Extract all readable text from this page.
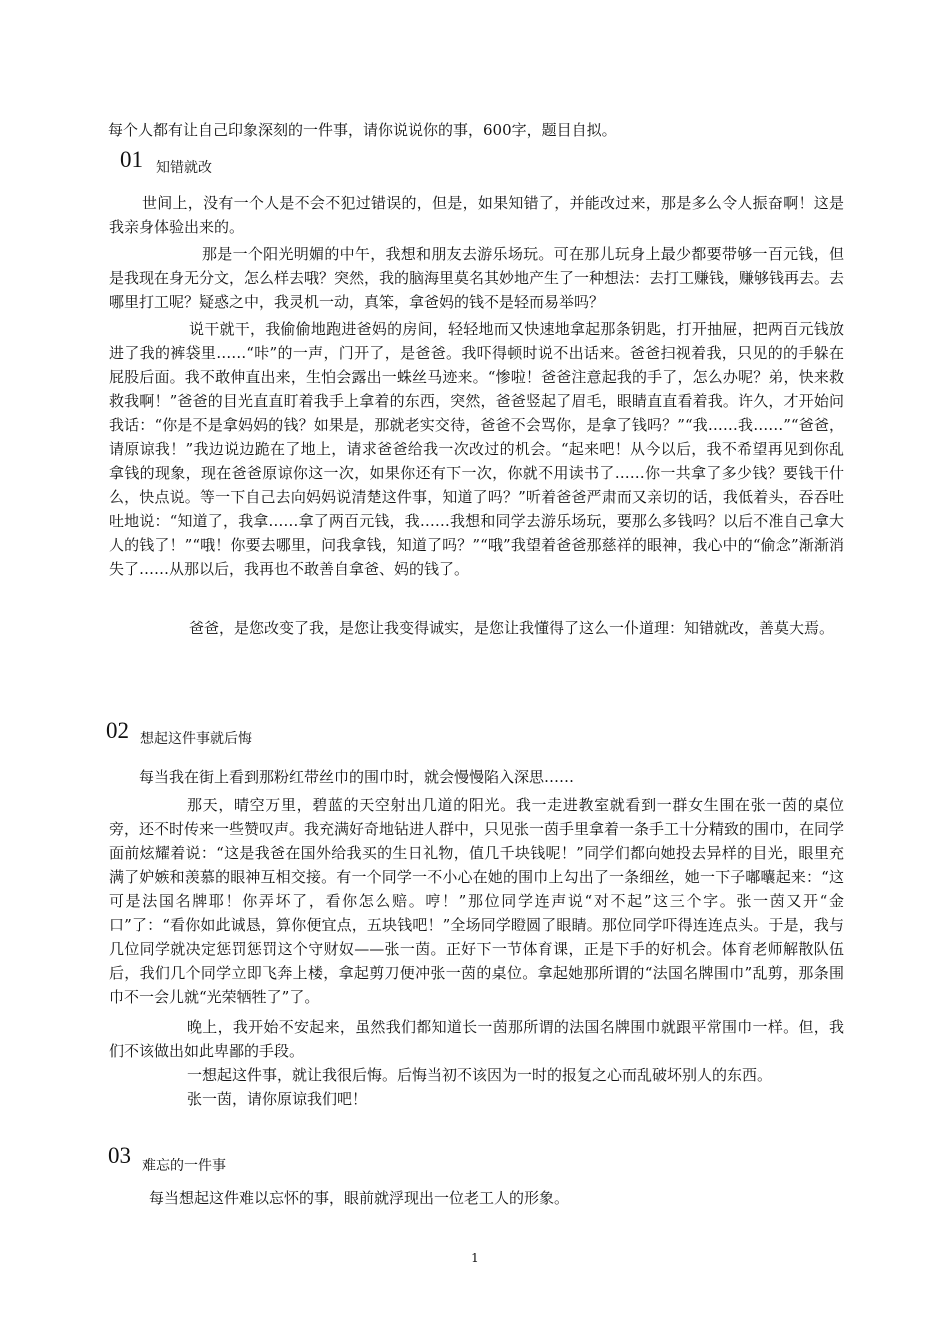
每个人都有让自己印象深刻的一件事，请你说说你的事，600字，题目自拟。
01 知错就改
世间上，没有一个人是不会不犯过错误的，但是，如果知错了，并能改过来，那是多么令人振奋啊！这是我亲身体验出来的。
那是一个阳光明媚的中午，我想和朋友去游乐场玩。可在那儿玩身上最少都要带够一百元钱，但是我现在身无分文，怎么样去哦？突然，我的脑海里莫名其妙地产生了一种想法：去打工赚钱，赚够钱再去。去哪里打工呢？疑惑之中，我灵机一动，真笨，拿爸妈的钱不是轻而易举吗？
说干就干，我偷偷地跑进爸妈的房间，轻轻地而又快速地拿起那条钥匙，打开抽屉，把两百元钱放进了我的裤袋里……“咔”的一声，门开了，是爸爸。我吓得顿时说不出话来。爸爸扫视着我，只见的的手躲在屁股后面。我不敢伸直出来，生怕会露出一蛛丝马迹来。“惨啦！爸爸注意起我的手了，怎么办呢？弟，快来救救我啊！”爸爸的目光直直盯着我手上拿着的东西，突然，爸爸竖起了眉毛，眼睛直直看着我。许久，才开始问我话：“你是不是拿妈妈的钱？如果是，那就老实交待，爸爸不会骂你，是拿了钱吗？”“我……我……”“爸爸，请原谅我！”我边说边跪在了地上，请求爸爸给我一次改过的机会。“起来吧！从今以后，我不希望再见到你乱拿钱的现象，现在爸爸原谅你这一次，如果你还有下一次，你就不用读书了……你一共拿了多少钱？要钱干什么，快点说。等一下自己去向妈妈说清楚这件事，知道了吗？”听着爸爸严肃而又亲切的话，我低着头，吞吞吐吐地说：“知道了，我拿……拿了两百元钱，我……我想和同学去游乐场玩，要那么多钱吗？以后不准自己拿大人的钱了！”“哦！你要去哪里，问我拿钱，知道了吗？”“哦”我望着爸爸那慈祥的眼神，我心中的“偷念”渐渐消失了……从那以后，我再也不敢善自拿爸、妈的钱了。
爸爸，是您改变了我，是您让我变得诚实，是您让我懂得了这么一仆道理：知错就改，善莫大焉。
02 想起这件事就后悔
每当我在街上看到那粉红带丝巾的围巾时，就会慢慢陷入深思……
那天，晴空万里，碧蓝的天空射出几道的阳光。我一走进教室就看到一群女生围在张一茵的桌位旁，还不时传来一些赞叹声。我充满好奇地钻进人群中，只见张一茵手里拿着一条手工十分精致的围巾，在同学面前炫耀着说：“这是我爸在国外给我买的生日礼物，值几千块钱呢！”同学们都向她投去异样的目光，眼里充满了妒嫉和羡慕的眼神互相交接。有一个同学一不小心在她的围巾上勾出了一条细丝，她一下子嘟囔起来：“这可是法国名牌耶！你弄坏了，看你怎么赔。哼！”那位同学连声说“对不起”这三个字。张一茵又开“金口”了：“看你如此诚恳，算你便宜点，五块钱吧！”全场同学瞪圆了眼睛。那位同学吓得连连点头。于是，我与几位同学就决定惩罚惩罚这个守财奴——张一茵。正好下一节体育课，正是下手的好机会。体育老师解散队伍后，我们几个同学立即飞奔上楼，拿起剪刀便冲张一茵的桌位。拿起她那所谓的“法国名牌围巾”乱剪，那条围巾不一会儿就“光荣牺牲了”了。
晚上，我开始不安起来，虽然我们都知道长一茵那所谓的法国名牌围巾就跟平常围巾一样。但，我们不该做出如此卑鄙的手段。
一想起这件事，就让我很后悔。后悔当初不该因为一时的报复之心而乱破坏别人的东西。
张一茵，请你原谅我们吧！
03 难忘的一件事
每当想起这件难以忘怀的事，眼前就浮现出一位老工人的形象。
1
